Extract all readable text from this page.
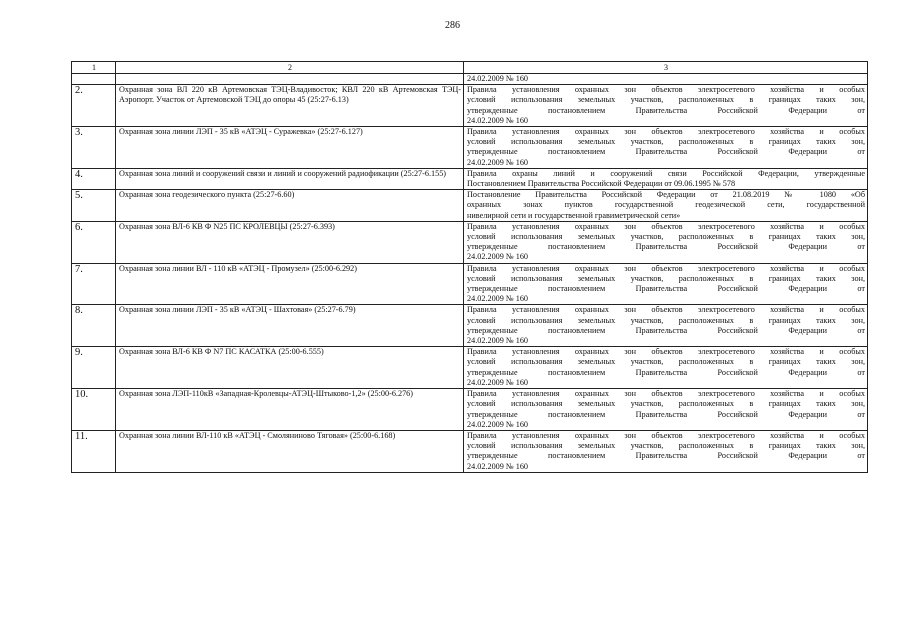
286
1	2	3
		24.02.2009 № 160
2.	Охранная зона ВЛ 220 кВ Артемовская ТЭЦ-Владивосток; КВЛ 220 кВ Артемовская ТЭЦ-Аэропорт. Участок от Артемовской ТЭЦ до опоры 45 (25:27-6.13)	Правила установления охранных зон объектов электросетевого хозяйства и особых
условий использования земельных участков, расположенных в границах таких зон,
утвержденные постановлением Правительства Российской Федерации от
24.02.2009 № 160

3.	Охранная зона линии ЛЭП - 35 кВ «АТЭЦ - Суражевка» (25:27-6.127)	Правила установления охранных зон объектов электросетевого хозяйства и особых
условий использования земельных участков, расположенных в границах таких зон,
утвержденные постановлением Правительства Российской Федерации от
24.02.2009 № 160

4.	Охранная зона линий и сооружений связи и линий и сооружений радиофикации (25:27-6.155)	Правила охраны линий и сооружений связи Российской Федерации, утвержденные
Постановлением Правительства Российской Федерации от 09.06.1995 № 578

5.	Охранная зона геодезического пункта (25:27-6.60)	Постановление Правительства Российской Федерации от 21.08.2019 № 1080 «Об
охранных зонах пунктов государственной геодезической сети, государственной
нивелирной сети и государственной гравиметрической сети»

6.	Охранная зона ВЛ-6 КВ Ф N25 ПС КРОЛЕВЦЫ (25:27-6.393)	Правила установления охранных зон объектов электросетевого хозяйства и особых
условий использования земельных участков, расположенных в границах таких зон,
утвержденные постановлением Правительства Российской Федерации от
24.02.2009 № 160

7.	Охранная зона линии ВЛ - 110 кВ «АТЭЦ - Промузел» (25:00-6.292)	Правила установления охранных зон объектов электросетевого хозяйства и особых
условий использования земельных участков, расположенных в границах таких зон,
утвержденные постановлением Правительства Российской Федерации от
24.02.2009 № 160

8.	Охранная зона линии ЛЭП - 35 кВ «АТЭЦ - Шахтовая» (25:27-6.79)	Правила установления охранных зон объектов электросетевого хозяйства и особых
условий использования земельных участков, расположенных в границах таких зон,
утвержденные постановлением Правительства Российской Федерации от
24.02.2009 № 160

9.	Охранная зона ВЛ-6 КВ Ф N7 ПС КАСАТКА (25:00-6.555)	Правила установления охранных зон объектов электросетевого хозяйства и особых
условий использования земельных участков, расположенных в границах таких зон,
утвержденные постановлением Правительства Российской Федерации от
24.02.2009 № 160

10.	Охранная зона ЛЭП-110кВ «Западная-Кролевцы-АТЭЦ-Штыково-1,2» (25:00-6.276)	Правила установления охранных зон объектов электросетевого хозяйства и особых
условий использования земельных участков, расположенных в границах таких зон,
утвержденные постановлением Правительства Российской Федерации от
24.02.2009 № 160

11.	Охранная зона линии ВЛ-110 кВ «АТЭЦ - Смоляниново Тяговая» (25:00-6.168)	Правила установления охранных зон объектов электросетевого хозяйства и особых
условий использования земельных участков, расположенных в границах таких зон,
утвержденные постановлением Правительства Российской Федерации от
24.02.2009 № 160
